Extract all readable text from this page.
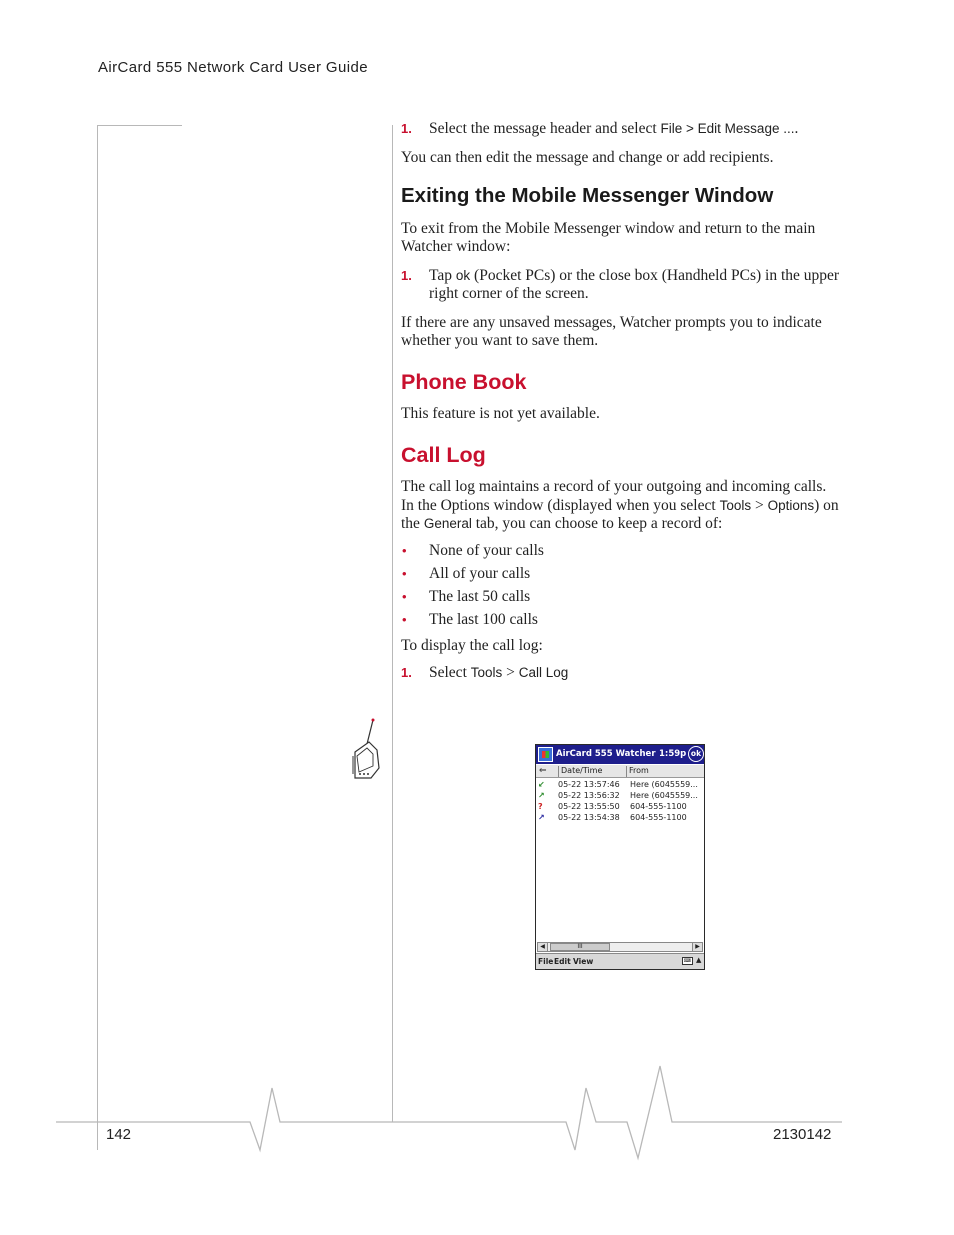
AirCard 555 Network Card User Guide
1. Select the message header and select File > Edit Message ....

You can then edit the message and change or add recipients.

Exiting the Mobile Messenger Window

To exit from the Mobile Messenger window and return to the main Watcher window:

1. Tap ok (Pocket PCs) or the close box (Handheld PCs) in the upper right corner of the screen.

If there are any unsaved messages, Watcher prompts you to indicate whether you want to save them.

Phone Book

This feature is not yet available.

Call Log

The call log maintains a record of your outgoing and incoming calls. In the Options window (displayed when you select Tools > Options) on the General tab, you can choose to keep a record of:

• None of your calls
• All of your calls
• The last 50 calls
• The last 100 calls

To display the call log:

1. Select Tools > Call Log
AirCard 555 Watcher 1:59p ok
⇐	Date/Time	From
↙	05-22 13:57:46 Here (6045559...
↗	05-22 13:56:32 Here (6045559...
?	05-22 13:55:50 604-555-1100
↗	05-22 13:54:38 604-555-1100
◀	III	▶
File Edit View	⌨ ▲
142	2130142
